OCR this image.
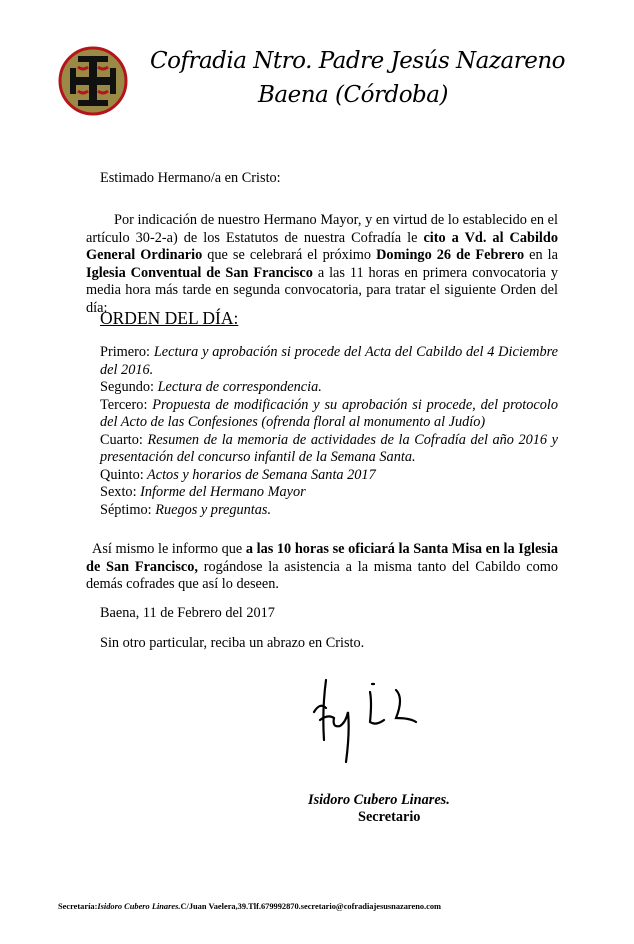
Cofradia Ntro. Padre Jesús Nazareno
Baena (Córdoba)
Estimado Hermano/a en Cristo:
Por indicación de nuestro Hermano Mayor, y en virtud de lo establecido en el artículo 30-2-a) de los Estatutos de nuestra Cofradía le cito a Vd. al Cabildo General Ordinario que se celebrará el próximo Domingo 26 de Febrero en la Iglesia Conventual de San Francisco a las 11 horas en primera convocatoria y media hora más tarde en segunda convocatoria, para tratar el siguiente Orden del día:
ORDEN DEL DÍA:
Primero: Lectura y aprobación si procede del Acta del Cabildo del 4 Diciembre del 2016.
Segundo: Lectura de correspondencia.
Tercero: Propuesta de modificación y su aprobación si procede, del protocolo del Acto de las Confesiones (ofrenda floral al monumento al Judío)
Cuarto: Resumen de la memoria de actividades de la Cofradía del año 2016 y presentación del concurso infantil de la Semana Santa.
Quinto: Actos y horarios de Semana Santa 2017
Sexto: Informe del Hermano Mayor
Séptimo: Ruegos y preguntas.
Así mismo le informo que a las 10 horas se oficiará la Santa Misa en la Iglesia de San Francisco, rogándose la asistencia a la misma tanto del Cabildo como demás cofrades que así lo deseen.
Baena, 11 de Febrero del 2017
Sin otro particular, reciba un abrazo en Cristo.
Isidoro Cubero Linares.
Secretario
Secretaría:Isidoro Cubero Linares.C/Juan Vaelera,39.Tlf.679992870.secretario@cofradiajesusnazareno.com
